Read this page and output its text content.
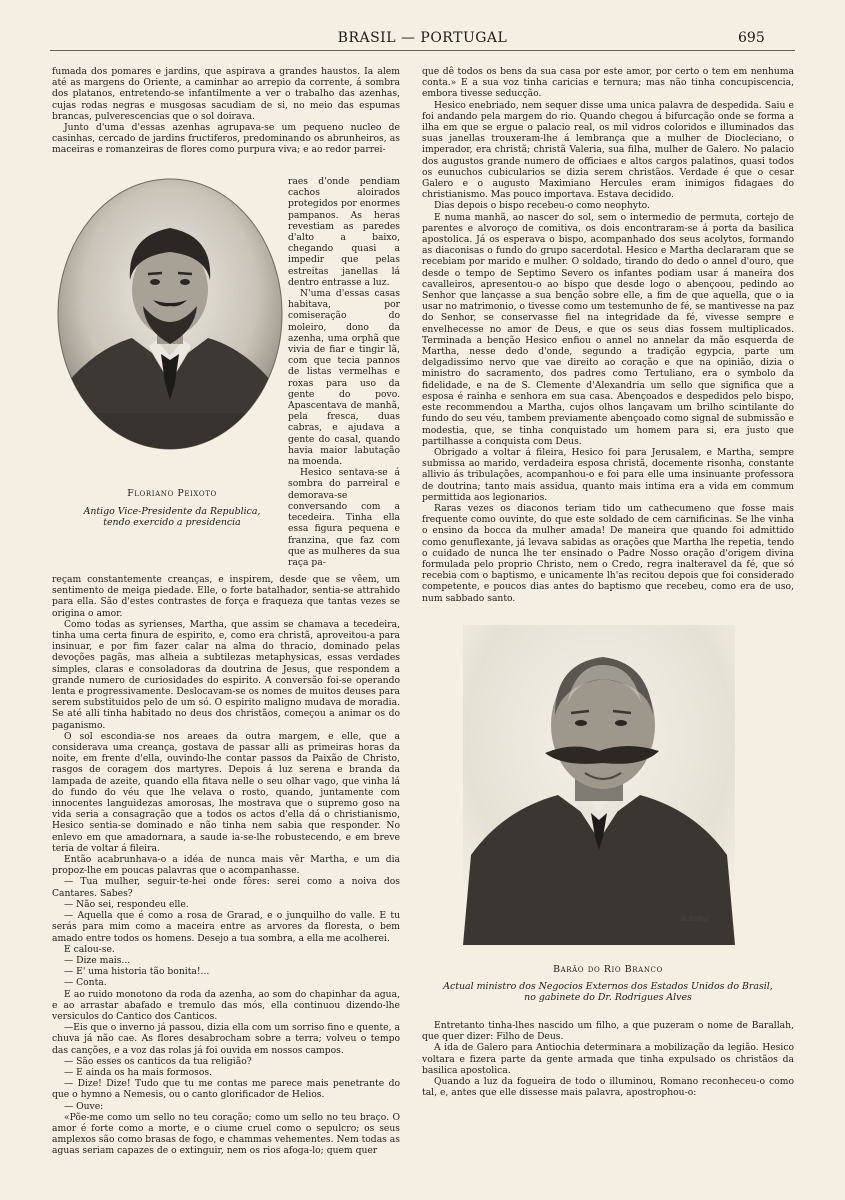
BRASIL — PORTUGAL	695

fumada dos pomares e jardins, que aspirava a grandes haustos. Ia alem até as margens do Oriente, a caminhar ao arrepio da corrente, á sombra dos platanos, entretendo-se infantilmente a ver o trabalho das azenhas, cujas rodas negras e musgosas sacudiam de si, no meio das espumas brancas, pulverescencias que o sol doirava.

Junto d'uma d'essas azenhas agrupava-se um pequeno nucleo de casinhas, cercado de jardins fructiferos, predominando os abrunheiros, as maceiras e romanzeiras de flores como purpura viva; e ao redor parrei-

raes d'onde pendiam cachos aloirados protegidos por enormes pampanos. As heras revestiam as paredes d'alto a baixo, chegando quasi a impedir que pelas estreitas janellas lá dentro entrasse a luz.

N'uma d'essas casas habitava, por comiseração do moleiro, dono da azenha, uma orphã que vivia de fiar e tingir lã, com que tecia pannos de listas vermelhas e roxas para uso da gente do povo. Apascentava de manhã, pela fresca, duas cabras, e ajudava a gente do casal, quando havia maior labutação na moenda.

Hesico sentava-se á sombra do parreiral e demorava-se conversando com a tecedeira. Tinha ella essa figura pequena e franzina, que faz com que as mulheres da sua raça pa-

Floriano Peixoto
Antigo Vice-Presidente da Republica,
tendo exercido a presidencia

reçam constantemente creanças, e inspirem, desde que se vêem, um sentimento de meiga piedade. Elle, o forte batalhador, sentia-se attrahido para ella. São d'estes contrastes de força e fraqueza que tantas vezes se origina o amor.

Como todas as syrienses, Martha, que assim se chamava a tecedeira, tinha uma certa finura de espirito, e, como era christã, aproveitou-a para insinuar, e por fim fazer calar na alma do thracio, dominado pelas devoções pagãs, mas alheia a subtilezas metaphysicas, essas verdades simples, claras e consoladoras da doutrina de Jesus, que respondem a grande numero de curiosidades do espirito. A conversão foi-se operando lenta e progressivamente. Deslocavam-se os nomes de muitos deuses para serem substituidos pelo de um só. O espirito maligno mudava de moradia. Se até alli tinha habitado no deus dos christãos, começou a animar os do paganismo.

O sol escondia-se nos areaes da outra margem, e elle, que a considerava uma creança, gostava de passar alli as primeiras horas da noite, em frente d'ella, ouvindo-lhe contar passos da Paixão de Christo, rasgos de coragem dos martyres. Depois á luz serena e branda da lampada de azeite, quando ella fitava nelle o seu olhar vago, que vinha lá do fundo do véu que lhe velava o rosto, quando, juntamente com innocentes languidezas amorosas, lhe mostrava que o supremo goso na vida seria a consagração que a todos os actos d'ella dá o christianismo, Hesico sentia-se dominado e não tinha nem sabia que responder. No enlevo em que amadornara, a saude ia-se-lhe robustecendo, e em breve teria de voltar á fileira.

Então acabrunhava-o a idéa de nunca mais vêr Martha, e um dia propoz-lhe em poucas palavras que o acompanhasse.

— Tua mulher, seguir-te-hei onde fôres: serei como a noiva dos Cantares. Sabes?

— Não sei, respondeu elle.

— Aquella que é como a rosa de Grarad, e o junquilho do valle. E tu serás para mim como a maceira entre as arvores da floresta, o bem amado entre todos os homens. Desejo a tua sombra, a ella me acolherei.

E calou-se.

— Dize mais...

— E' uma historia tão bonita!...

— Conta.

E ao ruido monotono da roda da azenha, ao som do chapinhar da agua, e ao arrastar abafado e tremulo das mós, ella continuou dizendo-lhe versiculos do Cantico dos Canticos.

—Eis que o inverno já passou, dizia ella com um sorriso fino e quente, a chuva já não cae. As flores desabrocham sobre a terra; volveu o tempo das canções, e a voz das rolas já foi ouvida em nossos campos.

— São esses os canticos da tua religião?

— E ainda os ha mais formosos.

— Dize! Dize! Tudo que tu me contas me parece mais penetrante do que o hymno a Nemesis, ou o canto glorificador de Helios.

— Ouve:

«Põe-me como um sello no teu coração; como um sello no teu braço. O amor é forte como a morte, e o ciume cruel como o sepulcro; os seus amplexos são como brasas de fogo, e chammas vehementes. Nem todas as aguas seriam capazes de o extinguir, nem os rios afoga-lo; quem quer

que dê todos os bens da sua casa por este amor, por certo o tem em nenhuma conta.» E a sua voz tinha caricias e ternura; mas não tinha concupiscencia, embora tivesse seducção.

Hesico enebriado, nem sequer disse uma unica palavra de despedida. Saiu e foi andando pela margem do rio. Quando chegou á bifurcação onde se forma a ilha em que se ergue o palacio real, os mil vidros coloridos e illuminados das suas janellas trouxeram-lhe á lembrança que a mulher de Diocleciano, o imperador, era christã; christã Valeria, sua filha, mulher de Galero. No palacio dos augustos grande numero de officiaes e altos cargos palatinos, quasi todos os eunuchos cubicularios se dizia serem christãos. Verdade é que o cesar Galero e o augusto Maximiano Hercules eram inimigos fidagaes do christianismo. Mas pouco importava. Estava decidido.

Dias depois o bispo recebeu-o como neophyto.

E numa manhã, ao nascer do sol, sem o intermedio de permuta, cortejo de parentes e alvoroço de comitiva, os dois encontraram-se á porta da basilica apostolica. Já os esperava o bispo, acompanhado dos seus acolytos, formando as diaconisas o fundo do grupo sacerdotal. Hesico e Martha declararam que se recebiam por marido e mulher. O soldado, tirando do dedo o annel d'ouro, que desde o tempo de Septimo Severo os infantes podiam usar á maneira dos cavalleiros, apresentou-o ao bispo que desde logo o abençoou, pedindo ao Senhor que lançasse a sua benção sobre elle, a fim de que aquella, que o ia usar no matrimonio, o tivesse como um testemunho de fé, se mantivesse na paz do Senhor, se conservasse fiel na integridade da fé, vivesse sempre e envelhecesse no amor de Deus, e que os seus dias fossem multiplicados. Terminada a benção Hesico enfiou o annel no annelar da mão esquerda de Martha, nesse dedo d'onde, segundo a tradição egypcia, parte um delgadissimo nervo que vae direito ao coração e que na opinião, dizia o ministro do sacramento, dos padres como Tertuliano, era o symbolo da fidelidade, e na de S. Clemente d'Alexandria um sello que significa que a esposa é rainha e senhora em sua casa. Abençoados e despedidos pelo bispo, este recommendou a Martha, cujos olhos lançavam um brilho scintilante do fundo do seu véu, tambem previamente abençoado como signal de submissão e modestia, que, se tinha conquistado um homem para si, era justo que partilhasse a conquista com Deus.

Obrigado a voltar á fileira, Hesico foi para Jerusalem, e Martha, sempre submissa ao marido, verdadeira esposa christã, docemente risonha, constante allivio ás tribulações, acompanhou-o e foi para elle uma insinuante professora de doutrina; tanto mais assidua, quanto mais intima era a vida em commum permittida aos legionarios.

Raras vezes os diaconos teriam tido um cathecumeno que fosse mais frequente como ouvinte, do que este soldado de cem carnificinas. Se lhe vinha o ensino da bocca da mulher amada! De maneira que quando foi admittido como genuflexante, já levava sabidas as orações que Martha lhe repetia, tendo o cuidado de nunca lhe ter ensinado o Padre Nosso oração d'origem divina formulada pelo proprio Christo, nem o Credo, regra inalteravel da fé, que só recebia com o baptismo, e unicamente lh'as recitou depois que foi considerado competente, e poucos dias antes do baptismo que recebeu, como era de uso, num sabbado santo.

R.Rrdig
Barão do Rio Branco
Actual ministro dos Negocios Externos dos Estados Unidos do Brasil,
no gabinete do Dr. Rodrigues Alves

Entretanto tinha-lhes nascido um filho, a que puzeram o nome de Barallah, que quer dizer: Filho de Deus.

A ida de Galero para Antiochia determinara a mobilização da legião. Hesico voltara e fizera parte da gente armada que tinha expulsado os christãos da basilica apostolica.

Quando a luz da fogueira de todo o illuminou, Romano reconheceu-o como tal, e, antes que elle dissesse mais palavra, apostrophou-o:
